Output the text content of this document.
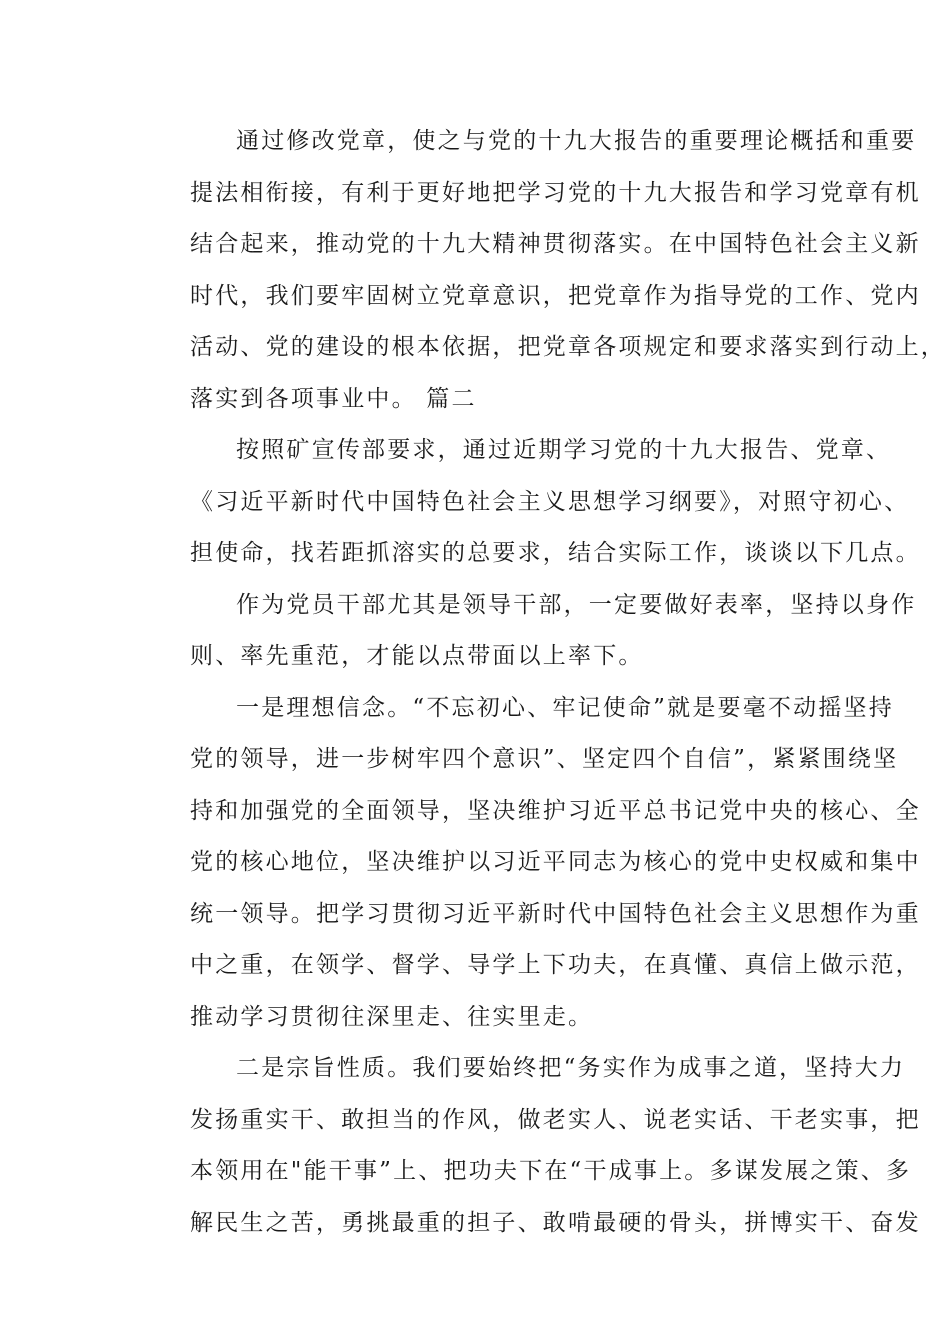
通过修改党章，使之与党的十九大报告的重要理论概括和重要
提法相衔接，有利于更好地把学习党的十九大报告和学习党章有机
结合起来，推动党的十九大精神贯彻落实。在中国特色社会主义新
时代，我们要牢固树立党章意识，把党章作为指导党的工作、党内
活动、党的建设的根本依据，把党章各项规定和要求落实到行动上，
落实到各项事业中。 篇二
按照矿宣传部要求，通过近期学习党的十九大报告、党章、
《习近平新时代中国特色社会主义思想学习纲要》，对照守初心、
担使命，找若距抓溶实的总要求，结合实际工作，谈谈以下几点。
作为党员干部尤其是领导干部，一定要做好表率，坚持以身作
则、率先重范，才能以点带面以上率下。
一是理想信念。“不忘初心、牢记使命”就是要毫不动摇坚持
党的领导，进一步树牢四个意识”、坚定四个自信”，紧紧围绕坚
持和加强党的全面领导，坚决维护习近平总书记党中央的核心、全
党的核心地位，坚决维护以习近平同志为核心的党中史权威和集中
统一领导。把学习贯彻习近平新时代中国特色社会主义思想作为重
中之重，在领学、督学、导学上下功夫，在真懂、真信上做示范，
推动学习贯彻往深里走、往实里走。
二是宗旨性质。我们要始终把“务实作为成事之道，坚持大力
发扬重实干、敢担当的作风，做老实人、说老实话、干老实事，把
本领用在"能干事”上、把功夫下在“干成事上。多谋发展之策、多
解民生之苦，勇挑最重的担子、敢啃最硬的骨头，拼博实干、奋发
